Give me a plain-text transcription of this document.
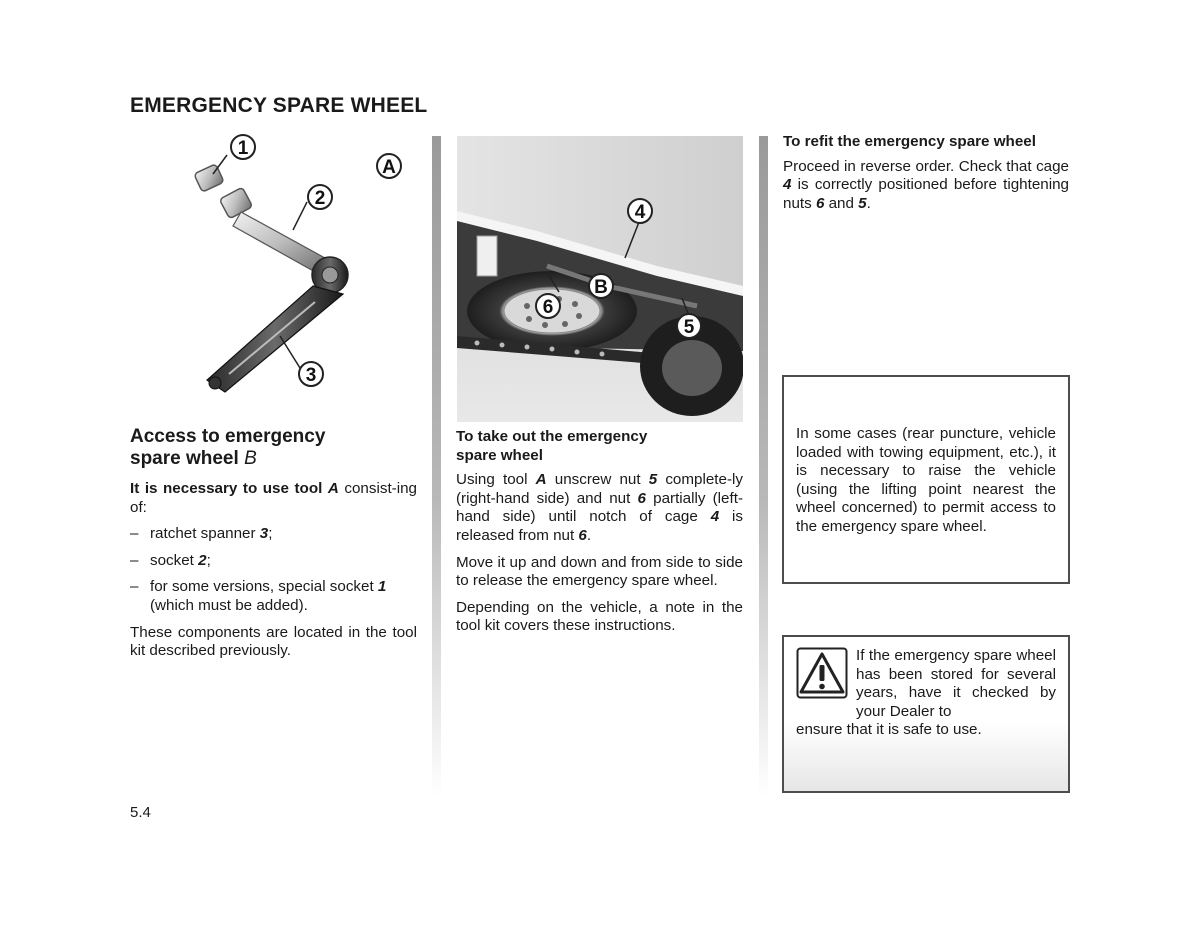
EMERGENCY SPARE WHEEL
1
2
3
A
4
B
6
5
Access to emergency
spare wheel B

It is necessary to use tool A consist-ing of:

– ratchet spanner 3;
– socket 2;
– for some versions, special socket 1 (which must be added).

These components are located in the tool kit described previously.

To take out the emergency spare wheel

Using tool A unscrew nut 5 complete-ly (right-hand side) and nut 6 partially (left-hand side) until notch of cage 4 is released from nut 6.

Move it up and down and from side to side to release the emergency spare wheel.

Depending on the vehicle, a note in the tool kit covers these instructions.

To refit the emergency spare wheel

Proceed in reverse order. Check that cage 4 is correctly positioned before tightening nuts 6 and 5.

In some cases (rear puncture, vehicle loaded with towing equipment, etc.), it is necessary to raise the vehicle (using the lifting point nearest the wheel concerned) to permit access to the emergency spare wheel.
If the emergency spare wheel has been stored for several years, have it checked by your Dealer to
ensure that it is safe to use.
5.4
